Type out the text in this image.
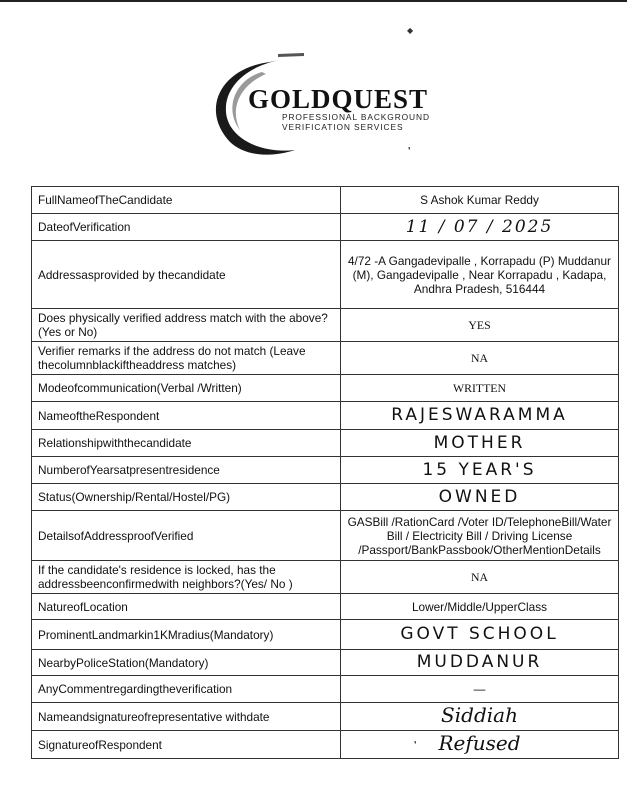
GOLDQUEST
PROFESSIONAL BACKGROUND
VERIFICATION SERVICES
◆
❜
❜
FullNameofTheCandidate	S Ashok Kumar Reddy
DateofVerification	11 / 07 / 2025
Addressasprovided by thecandidate	4/72 -A Gangadevipalle , Korrapadu (P) Muddanur (M), Gangadevipalle , Near Korrapadu , Kadapa, Andhra Pradesh, 516444
Does physically verified address match with the above?(Yes or No)	YES
Verifier remarks if the address do not match (Leave thecolumnblackiftheaddress matches)	NA
Modeofcommunication(Verbal /Written)	WRITTEN
NameoftheRespondent	RAJESWARAMMA
Relationshipwiththecandidate	MOTHER
NumberofYearsatpresentresidence	15 YEAR'S
Status(Ownership/Rental/Hostel/PG)	OWNED
DetailsofAddressproofVerified	GASBill /RationCard /Voter ID/TelephoneBill/Water Bill / Electricity Bill / Driving License /Passport/BankPassbook/OtherMentionDetails
If the candidate's residence is locked, has the addressbeenconfirmedwith neighbors?(Yes/ No )	NA
NatureofLocation	Lower/Middle/UpperClass
ProminentLandmarkin1KMradius(Mandatory)	GOVT SCHOOL
NearbyPoliceStation(Mandatory)	MUDDANUR
AnyCommentregardingtheverification	—
Nameandsignatureofrepresentative withdate	Siddiah
SignatureofRespondent	Refused
